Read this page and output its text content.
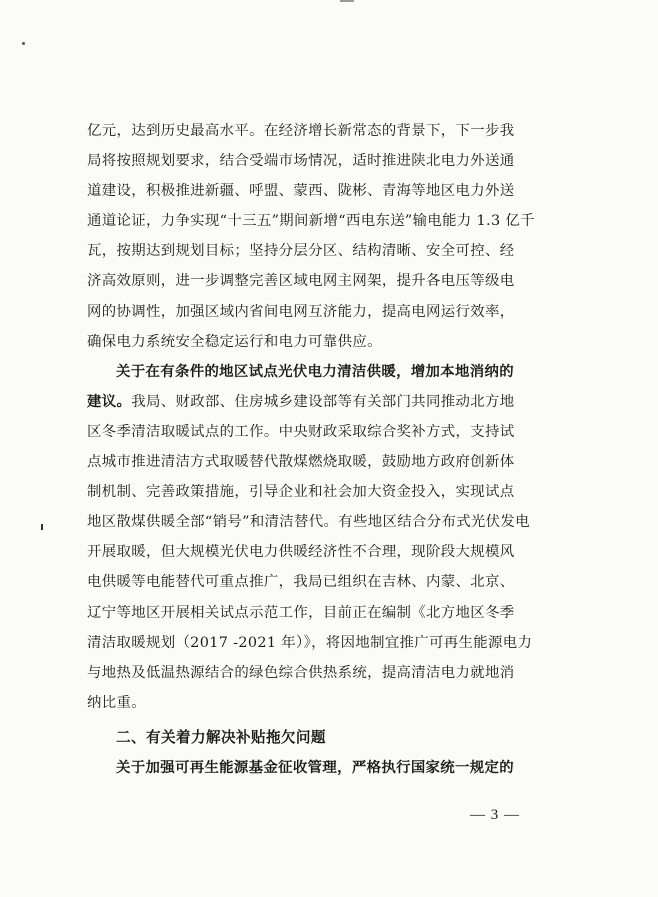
亿元，达到历史最高水平。在经济增长新常态的背景下，下一步我
局将按照规划要求，结合受端市场情况，适时推进陕北电力外送通
道建设，积极推进新疆、呼盟、蒙西、陇彬、青海等地区电力外送
通道论证，力争实现“十三五”期间新增“西电东送”输电能力 1.3 亿千
瓦，按期达到规划目标；坚持分层分区、结构清晰、安全可控、经
济高效原则，进一步调整完善区域电网主网架，提升各电压等级电
网的协调性，加强区域内省间电网互济能力，提高电网运行效率，
确保电力系统安全稳定运行和电力可靠供应。

关于在有条件的地区试点光伏电力清洁供暖，增加本地消纳的
建议。我局、财政部、住房城乡建设部等有关部门共同推动北方地
区冬季清洁取暖试点的工作。中央财政采取综合奖补方式，支持试
点城市推进清洁方式取暖替代散煤燃烧取暖，鼓励地方政府创新体
制机制、完善政策措施，引导企业和社会加大资金投入，实现试点
地区散煤供暖全部“销号”和清洁替代。有些地区结合分布式光伏发电
开展取暖，但大规模光伏电力供暖经济性不合理，现阶段大规模风
电供暖等电能替代可重点推广，我局已组织在吉林、内蒙、北京、
辽宁等地区开展相关试点示范工作，目前正在编制《北方地区冬季
清洁取暖规划（2017 -2021 年）》，将因地制宜推广可再生能源电力
与地热及低温热源结合的绿色综合供热系统，提高清洁电力就地消
纳比重。

二、有关着力解决补贴拖欠问题

关于加强可再生能源基金征收管理，严格执行国家统一规定的

— 3 —
